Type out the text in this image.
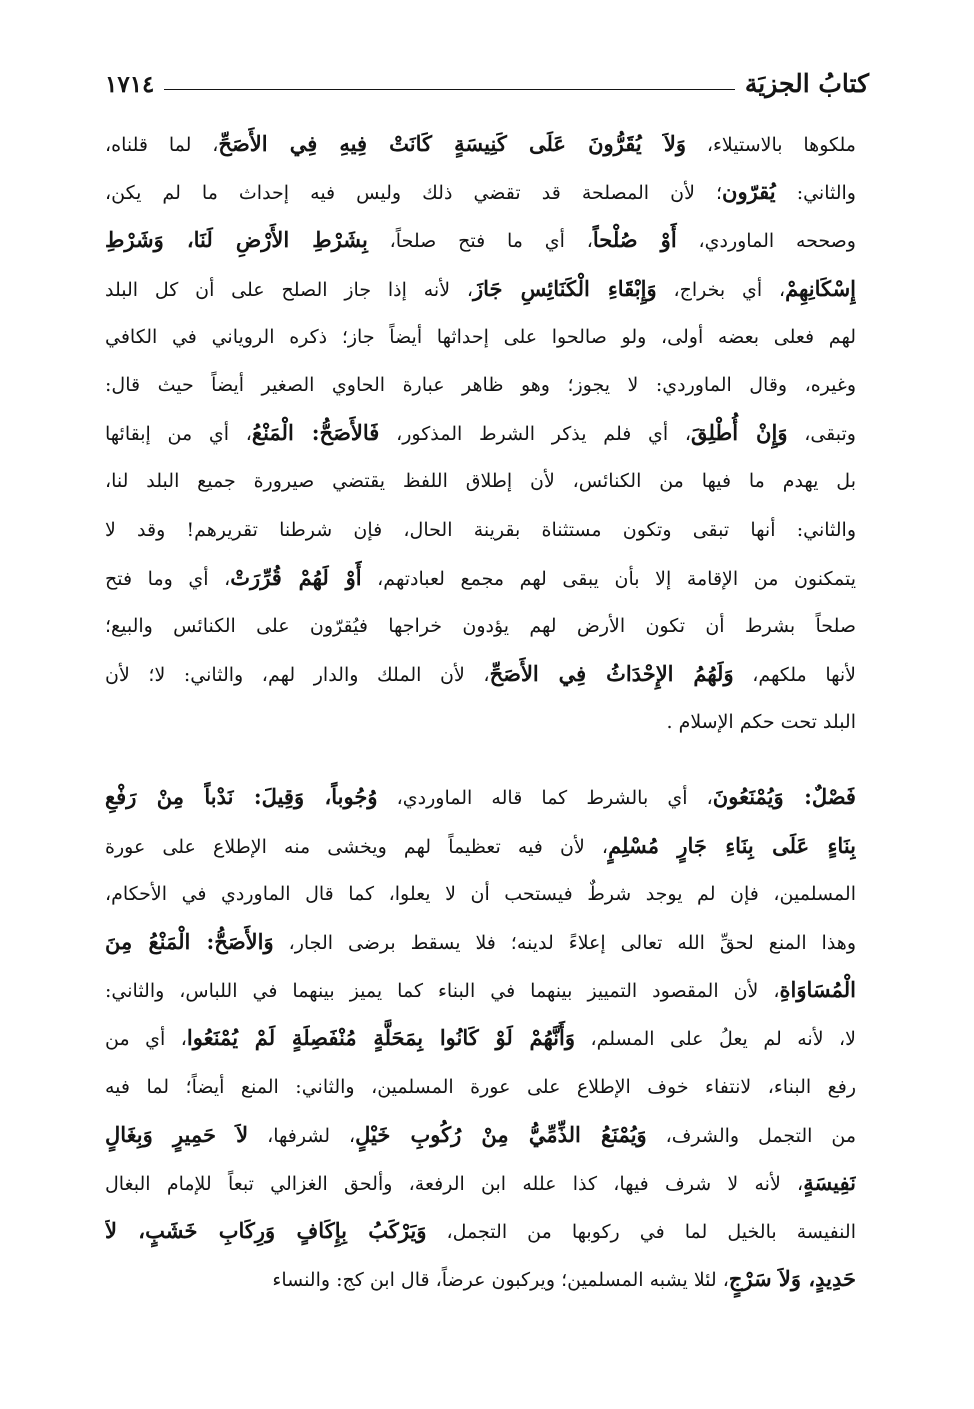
كتابُ الجزيَة
١٧١٤
ملكوها بالاستيلاء، وَلاَ يُقَرُّونَ عَلَى كَنِيسَةٍ كَانَتْ فِيهِ فِي الأَصَحِّ، لما قلناه،
والثاني: يُقرّون؛ لأن المصلحة قد تقضي ذلك وليس فيه إحداث ما لم يكن،
وصححه الماوردي، أَوْ صُلْحاً، أي ما فتح صلحاً، بِشَرْطِ الأَرْضِ لَنَا، وَشَرْطِ
إِسْكَانِهِمْ، أي بخراج، وَإِبْقَاءِ الْكَنَائِسِ جَازَ، لأنه إذا جاز الصلح على أن كل البلد
لهم فعلى بعضه أولى، ولو صالحوا على إحداثها أيضاً جاز؛ ذكره الروياني في الكافي
وغيره، وقال الماوردي: لا يجوز؛ وهو ظاهر عبارة الحاوي الصغير أيضاً حيث قال:
وتبقى، وَإِنْ أُطْلِقَ، أي فلم يذكر الشرط المذكور، فَالأَصَحُّ: الْمَنْعُ، أي من إبقائها
بل يهدم ما فيها من الكنائس، لأن إطلاق اللفظ يقتضي صيرورة جميع البلد لنا،
والثاني: أنها تبقى وتكون مستثناة بقرينة الحال، فإن شرطنا تقريرهم! وقد لا
يتمكنون من الإقامة إلا بأن يبقى لهم مجمع لعبادتهم، أَوْ لَهُمْ قُرِّرَتْ، أي وما فتح
صلحاً بشرط أن تكون الأرض لهم يؤدون خراجها فيُقرّون على الكنائس والبيع؛
لأنها ملكهم، وَلَهُمُ الإِحْدَاثُ فِي الأَصَحِّ، لأن الملك والدار لهم، والثاني: لا؛ لأن
البلد تحت حكم الإسلام .
فَصْلٌ: وَيُمْنَعُونَ، أي بالشرط كما قاله الماوردي، وُجُوباً، وَقِيلَ: نَدْباً مِنْ رَفْعِ
بِنَاءٍ عَلَى بِنَاءِ جَارٍ مُسْلِمٍ، لأن فيه تعظيماً لهم ويخشى منه الإطلاع على عورة
المسلمين، فإن لم يوجد شرطٌ فيستحب أن لا يعلوا، كما قال الماوردي في الأحكام،
وهذا المنع لحقِّ الله تعالى إعلاءً لدينه؛ فلا يسقط برضى الجار، وَالأَصَحُّ: الْمَنْعُ مِنَ
الْمُسَاوَاةِ، لأن المقصود التمييز بينهما في البناء كما يميز بينهما في اللباس، والثاني:
لا، لأنه لم يعلُ على المسلم، وَأَنَّهُمْ لَوْ كَانُوا بِمَحَلَّةٍ مُنْفَصِلَةٍ لَمْ يُمْنَعُوا، أي من
رفع البناء، لانتفاء خوف الإطلاع على عورة المسلمين، والثاني: المنع أيضاً؛ لما فيه
من التجمل والشرف، وَيُمْنَعُ الذِّمِّيُّ مِنْ رُكُوبِ خَيْلٍ، لشرفها، لاَ حَمِيرٍ وَبِغَالٍ
نَفِيسَةٍ، لأنه لا شرف فيها، كذا علله ابن الرفعة، وألحق الغزالي تبعاً للإمام البغال
النفيسة بالخيل لما في ركوبها من التجمل، وَيَرْكَبُ بِإِكَافٍ وَرِكَابِ خَشَبٍ، لاَ
حَدِيدٍ، وَلاَ سَرْجٍ، لئلا يشبه المسلمين؛ ويركبون عرضاً، قال ابن كج: والنساء
